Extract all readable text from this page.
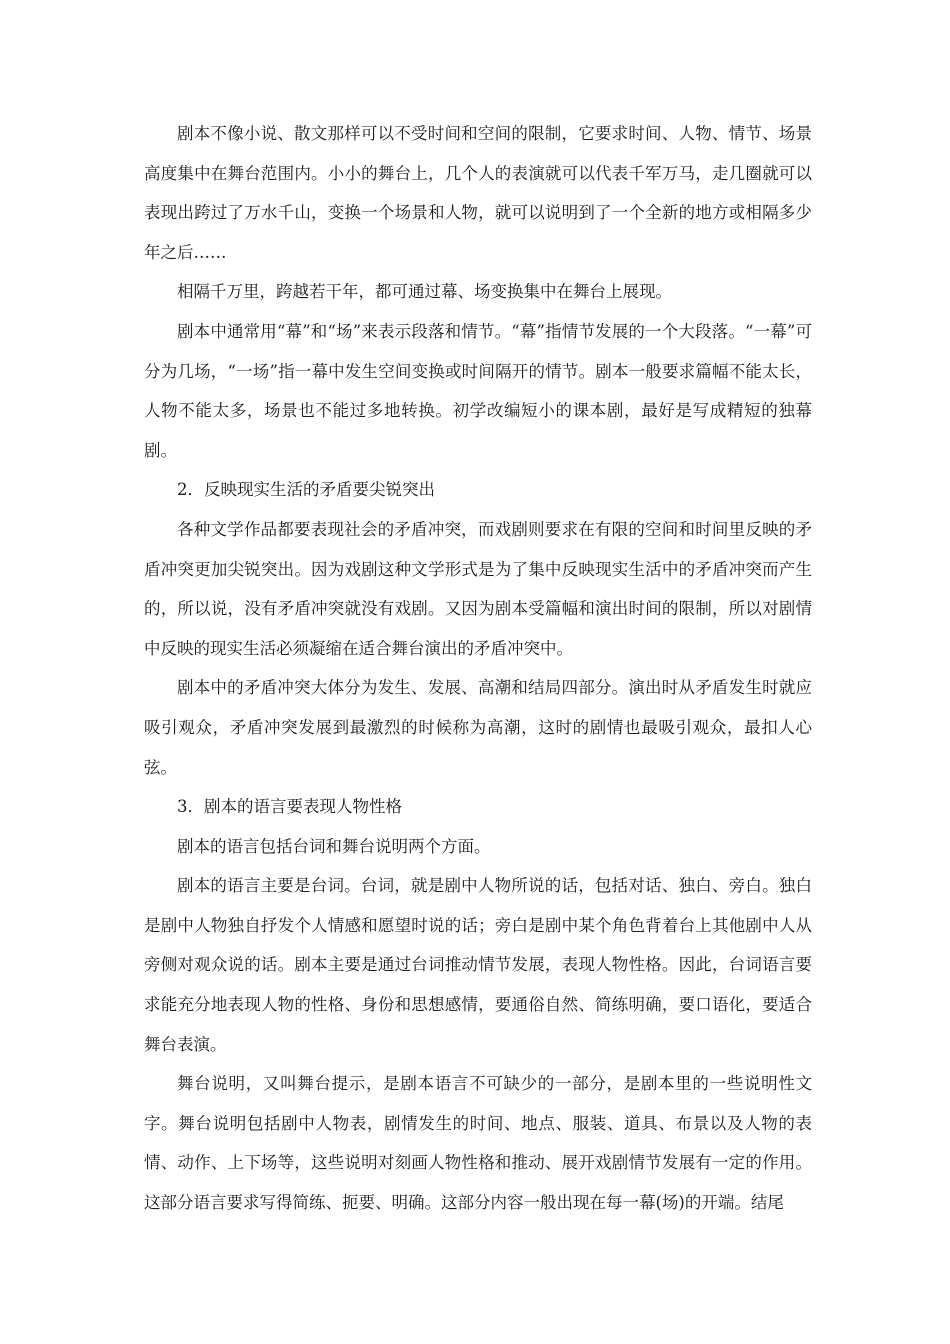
剧本不像小说、散文那样可以不受时间和空间的限制，它要求时间、人物、情节、场景高度集中在舞台范围内。小小的舞台上，几个人的表演就可以代表千军万马，走几圈就可以表现出跨过了万水千山，变换一个场景和人物，就可以说明到了一个全新的地方或相隔多少年之后……

相隔千万里，跨越若干年，都可通过幕、场变换集中在舞台上展现。

剧本中通常用“幕”和“场”来表示段落和情节。“幕”指情节发展的一个大段落。“一幕”可分为几场，“一场”指一幕中发生空间变换或时间隔开的情节。剧本一般要求篇幅不能太长，人物不能太多，场景也不能过多地转换。初学改编短小的课本剧，最好是写成精短的独幕剧。

2．反映现实生活的矛盾要尖锐突出

各种文学作品都要表现社会的矛盾冲突，而戏剧则要求在有限的空间和时间里反映的矛盾冲突更加尖锐突出。因为戏剧这种文学形式是为了集中反映现实生活中的矛盾冲突而产生的，所以说，没有矛盾冲突就没有戏剧。又因为剧本受篇幅和演出时间的限制，所以对剧情中反映的现实生活必须凝缩在适合舞台演出的矛盾冲突中。

剧本中的矛盾冲突大体分为发生、发展、高潮和结局四部分。演出时从矛盾发生时就应吸引观众，矛盾冲突发展到最激烈的时候称为高潮，这时的剧情也最吸引观众，最扣人心弦。

3．剧本的语言要表现人物性格

剧本的语言包括台词和舞台说明两个方面。

剧本的语言主要是台词。台词，就是剧中人物所说的话，包括对话、独白、旁白。独白是剧中人物独自抒发个人情感和愿望时说的话；旁白是剧中某个角色背着台上其他剧中人从旁侧对观众说的话。剧本主要是通过台词推动情节发展，表现人物性格。因此，台词语言要求能充分地表现人物的性格、身份和思想感情，要通俗自然、简练明确，要口语化，要适合舞台表演。

舞台说明，又叫舞台提示，是剧本语言不可缺少的一部分，是剧本里的一些说明性文字。舞台说明包括剧中人物表，剧情发生的时间、地点、服装、道具、布景以及人物的表情、动作、上下场等，这些说明对刻画人物性格和推动、展开戏剧情节发展有一定的作用。这部分语言要求写得简练、扼要、明确。这部分内容一般出现在每一幕(场)的开端。结尾
